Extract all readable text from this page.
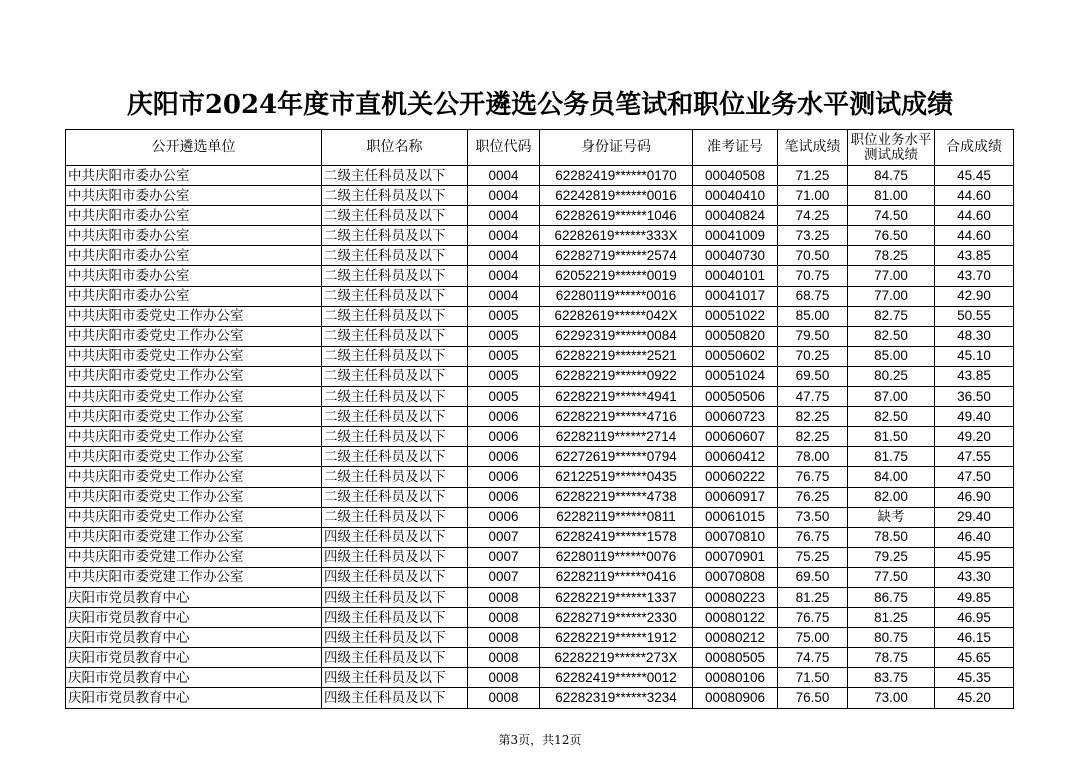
庆阳市2024年度市直机关公开遴选公务员笔试和职位业务水平测试成绩
公开遴选单位	职位名称	职位代码	身份证号码	准考证号	笔试成绩	职位业务水平测试成绩	合成成绩
中共庆阳市委办公室	二级主任科员及以下	0004	62282419******0170	00040508	71.25	84.75	45.45
中共庆阳市委办公室	二级主任科员及以下	0004	62242819******0016	00040410	71.00	81.00	44.60
中共庆阳市委办公室	二级主任科员及以下	0004	62282619******1046	00040824	74.25	74.50	44.60
中共庆阳市委办公室	二级主任科员及以下	0004	62282619******333X	00041009	73.25	76.50	44.60
中共庆阳市委办公室	二级主任科员及以下	0004	62282719******2574	00040730	70.50	78.25	43.85
中共庆阳市委办公室	二级主任科员及以下	0004	62052219******0019	00040101	70.75	77.00	43.70
中共庆阳市委办公室	二级主任科员及以下	0004	62280119******0016	00041017	68.75	77.00	42.90
中共庆阳市委党史工作办公室	二级主任科员及以下	0005	62282619******042X	00051022	85.00	82.75	50.55
中共庆阳市委党史工作办公室	二级主任科员及以下	0005	62292319******0084	00050820	79.50	82.50	48.30
中共庆阳市委党史工作办公室	二级主任科员及以下	0005	62282219******2521	00050602	70.25	85.00	45.10
中共庆阳市委党史工作办公室	二级主任科员及以下	0005	62282219******0922	00051024	69.50	80.25	43.85
中共庆阳市委党史工作办公室	二级主任科员及以下	0005	62282219******4941	00050506	47.75	87.00	36.50
中共庆阳市委党史工作办公室	二级主任科员及以下	0006	62282219******4716	00060723	82.25	82.50	49.40
中共庆阳市委党史工作办公室	二级主任科员及以下	0006	62282119******2714	00060607	82.25	81.50	49.20
中共庆阳市委党史工作办公室	二级主任科员及以下	0006	62272619******0794	00060412	78.00	81.75	47.55
中共庆阳市委党史工作办公室	二级主任科员及以下	0006	62122519******0435	00060222	76.75	84.00	47.50
中共庆阳市委党史工作办公室	二级主任科员及以下	0006	62282219******4738	00060917	76.25	82.00	46.90
中共庆阳市委党史工作办公室	二级主任科员及以下	0006	62282119******0811	00061015	73.50	缺考	29.40
中共庆阳市委党建工作办公室	四级主任科员及以下	0007	62282419******1578	00070810	76.75	78.50	46.40
中共庆阳市委党建工作办公室	四级主任科员及以下	0007	62280119******0076	00070901	75.25	79.25	45.95
中共庆阳市委党建工作办公室	四级主任科员及以下	0007	62282119******0416	00070808	69.50	77.50	43.30
庆阳市党员教育中心	四级主任科员及以下	0008	62282219******1337	00080223	81.25	86.75	49.85
庆阳市党员教育中心	四级主任科员及以下	0008	62282719******2330	00080122	76.75	81.25	46.95
庆阳市党员教育中心	四级主任科员及以下	0008	62282219******1912	00080212	75.00	80.75	46.15
庆阳市党员教育中心	四级主任科员及以下	0008	62282219******273X	00080505	74.75	78.75	45.65
庆阳市党员教育中心	四级主任科员及以下	0008	62282419******0012	00080106	71.50	83.75	45.35
庆阳市党员教育中心	四级主任科员及以下	0008	62282319******3234	00080906	76.50	73.00	45.20
第3页，共12页
